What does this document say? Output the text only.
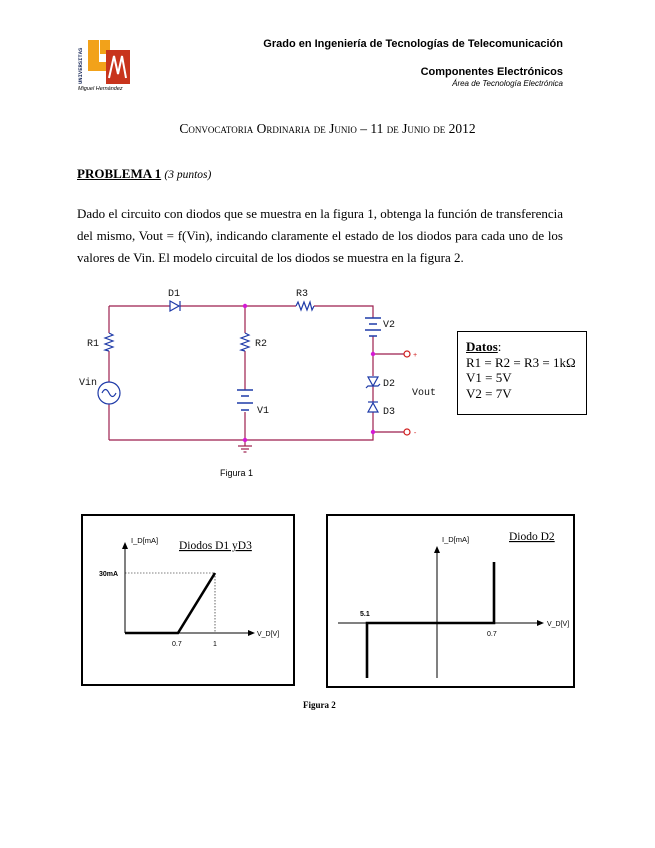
UNIVERSITAS
Miguel Hernández
Grado en Ingeniería de Tecnologías de Telecomunicación
Componentes Electrónicos
Área de Tecnología Electrónica
Convocatoria Ordinaria de Junio – 11 de Junio de 2012
PROBLEMA 1 (3 puntos)
Dado el circuito con diodos que se muestra en la figura 1, obtenga la función de transferencia del mismo, Vout = f(Vin), indicando claramente el estado de los diodos para cada uno de los valores de Vin. El modelo circuital de los diodos se muestra en la figura 2.
D1	R3
R1	R2
Vin
V1
V2
D2
D3
Vout
+
-
Datos:
R1 = R2 = R3 = 1kΩ
V1 = 5V
V2 = 7V
Figura 1
I_D[mA] Diodos D1 yD3
30mA
0.7	1
V_D[V]
I_D[mA]	Diodo D2
5.1
0.7
V_D[V]
Figura 2
